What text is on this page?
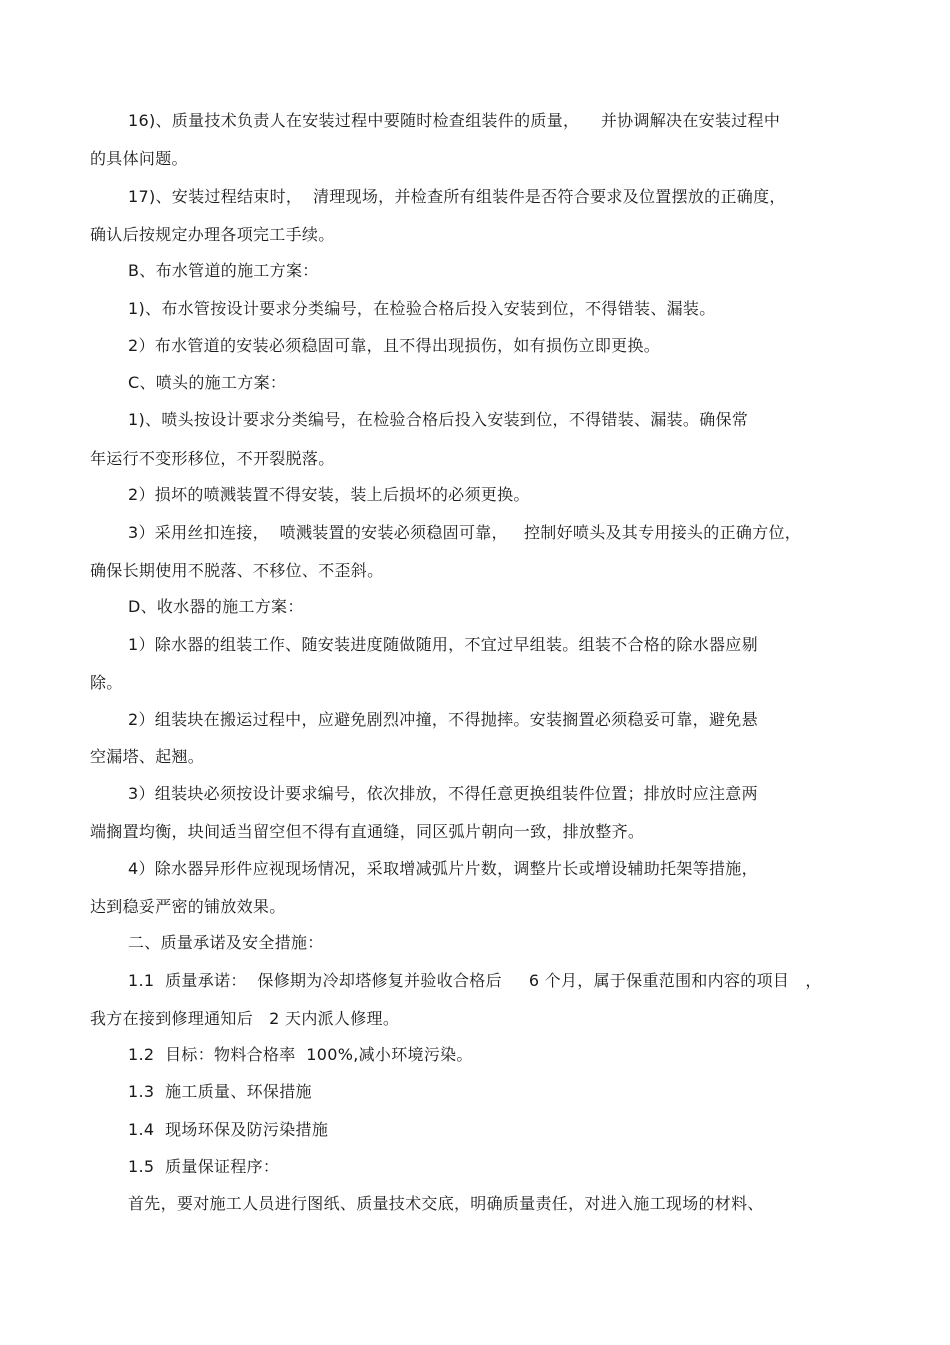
16)、质量技术负责人在安装过程中要随时检查组装件的质量，    并协调解决在安装过程中
的具体问题。
17)、安装过程结束时，  清理现场，并检查所有组装件是否符合要求及位置摆放的正确度，
确认后按规定办理各项完工手续。
B、布水管道的施工方案：
1)、布水管按设计要求分类编号，在检验合格后投入安装到位，不得错装、漏装。
2）布水管道的安装必须稳固可靠，且不得出现损伤，如有损伤立即更换。
C、喷头的施工方案：
1)、喷头按设计要求分类编号，在检验合格后投入安装到位，不得错装、漏装。确保常
年运行不变形移位，不开裂脱落。
2）损坏的喷溅装置不得安装，装上后损坏的必须更换。
3）采用丝扣连接，  喷溅装置的安装必须稳固可靠，   控制好喷头及其专用接头的正确方位，
确保长期使用不脱落、不移位、不歪斜。
D、收水器的施工方案：
1）除水器的组装工作、随安装进度随做随用，不宜过早组装。组装不合格的除水器应剔
除。
2）组装块在搬运过程中，应避免剧烈冲撞，不得抛摔。安装搁置必须稳妥可靠，避免悬
空漏塔、起翘。
3）组装块必须按设计要求编号，依次排放，不得任意更换组装件位置；排放时应注意两
端搁置均衡，块间适当留空但不得有直通缝，同区弧片朝向一致，排放整齐。
4）除水器异形件应视现场情况，采取增减弧片片数，调整片长或增设辅助托架等措施，
达到稳妥严密的铺放效果。
二、质量承诺及安全措施：
1.1  质量承诺：  保修期为冷却塔修复并验收合格后     6 个月，属于保重范围和内容的项目   ，
我方在接到修理通知后   2 天内派人修理。
1.2  目标：物料合格率  100%,减小环境污染。
1.3  施工质量、环保措施
1.4  现场环保及防污染措施
1.5  质量保证程序：
首先，要对施工人员进行图纸、质量技术交底，明确质量责任，对进入施工现场的材料、
